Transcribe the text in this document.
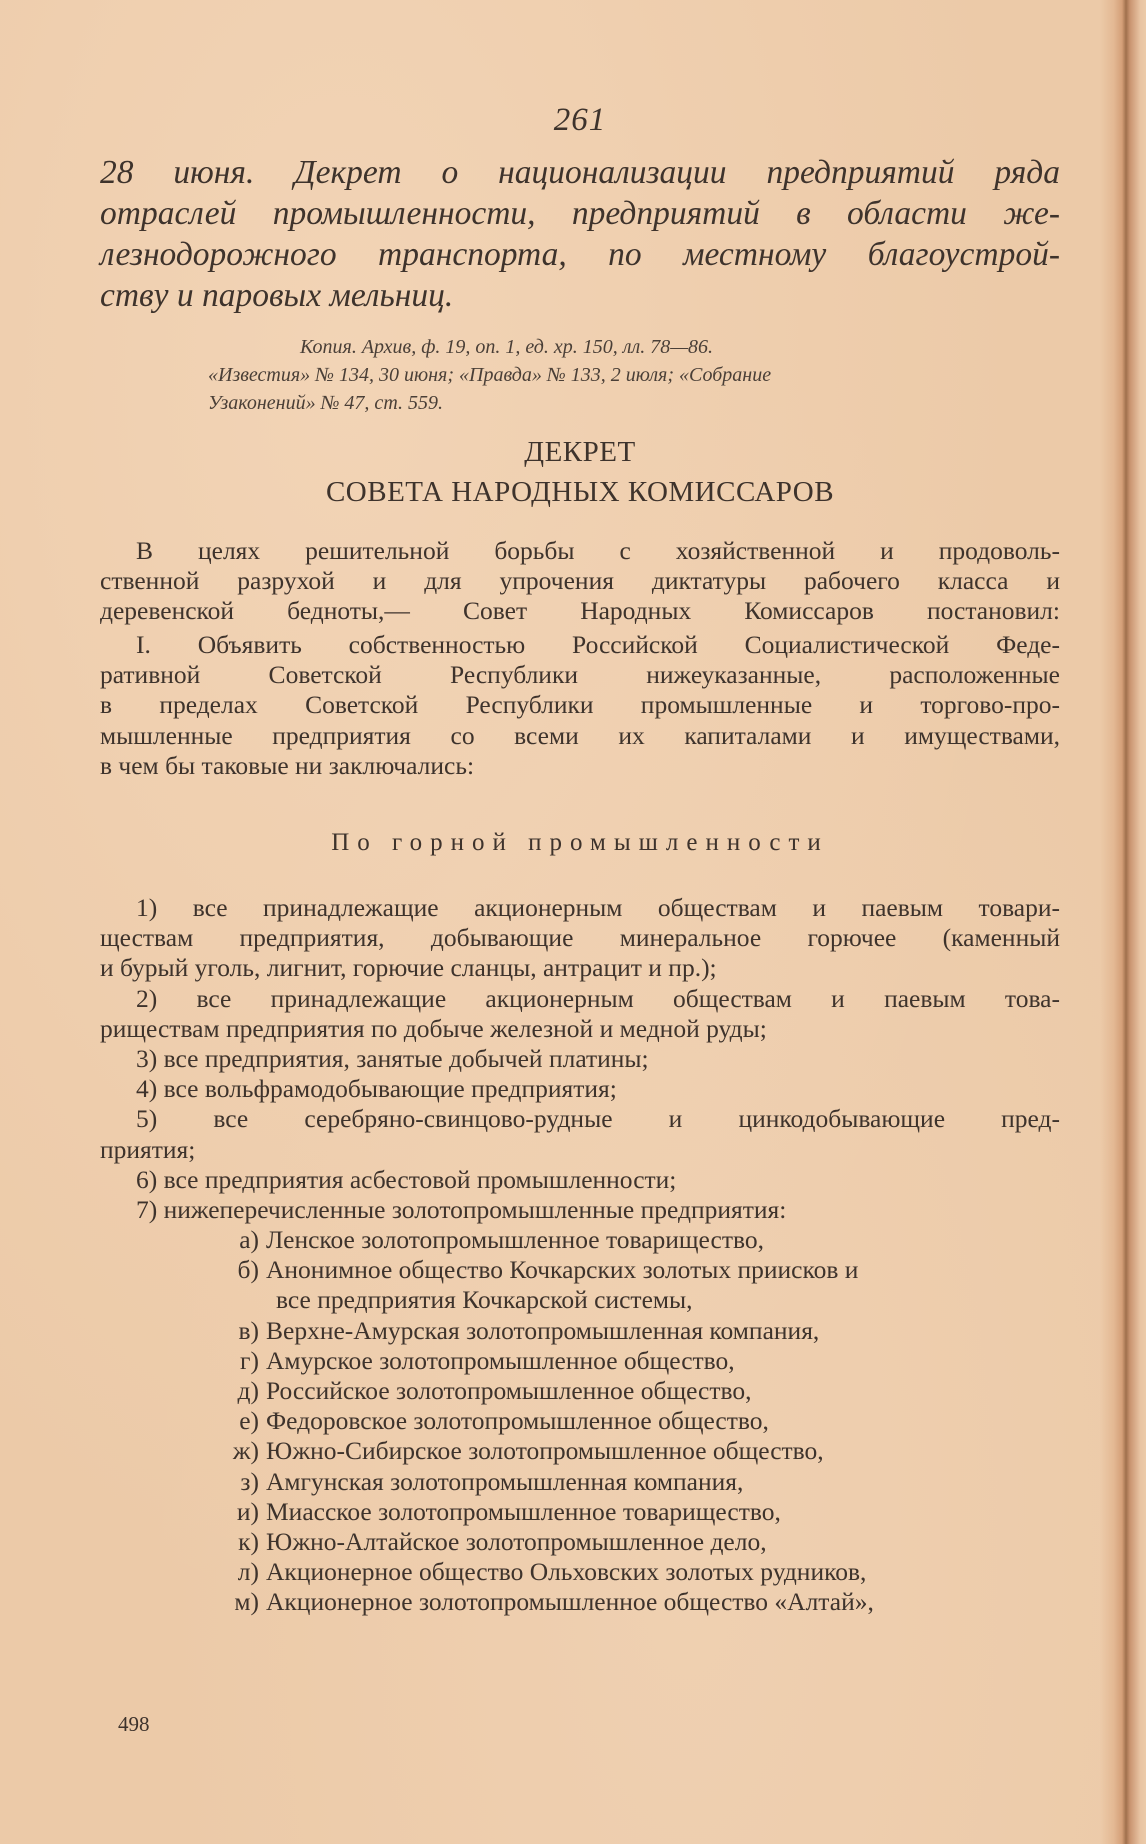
261
28 июня. Декрет о национализации предприятий ряда
отраслей промышленности, предприятий в области же-
лезнодорожного транспорта, по местному благоустрой-
ству и паровых мельниц.
Копия. Архив, ф. 19, оп. 1, ед. хр. 150, лл. 78—86.
«Известия» № 134, 30 июня; «Правда» № 133, 2 июля; «Собрание
Узаконений» № 47, ст. 559.
ДЕКРЕТ
СОВЕТА НАРОДНЫХ КОМИССАРОВ
В целях решительной борьбы с хозяйственной и продоволь-
ственной разрухой и для упрочения диктатуры рабочего класса и
деревенской бедноты,— Совет Народных Комиссаров постановил:
I. Объявить собственностью Российской Социалистической Феде-
ративной Советской Республики нижеуказанные, расположенные
в пределах Советской Республики промышленные и торгово-про-
мышленные предприятия со всеми их капиталами и имуществами,
в чем бы таковые ни заключались:
По горной промышленности
1) все принадлежащие акционерным обществам и паевым товари-
ществам предприятия, добывающие минеральное горючее (каменный
и бурый уголь, лигнит, горючие сланцы, антрацит и пр.);
2) все принадлежащие акционерным обществам и паевым това-
риществам предприятия по добыче железной и медной руды;
3) все предприятия, занятые добычей платины;
4) все вольфрамодобывающие предприятия;
5) все серебряно-свинцово-рудные и цинкодобывающие пред-
приятия;
6) все предприятия асбестовой промышленности;
7) нижеперечисленные золотопромышленные предприятия:
а) Ленское золотопромышленное товарищество,
б) Анонимное общество Кочкарских золотых приисков и
все предприятия Кочкарской системы,
в) Верхне-Амурская золотопромышленная компания,
г) Амурское золотопромышленное общество,
д) Российское золотопромышленное общество,
е) Федоровское золотопромышленное общество,
ж) Южно-Сибирское золотопромышленное общество,
з) Амгунская золотопромышленная компания,
и) Миасское золотопромышленное товарищество,
к) Южно-Алтайское золотопромышленное дело,
л) Акционерное общество Ольховских золотых рудников,
м) Акционерное золотопромышленное общество «Алтай»,
498
